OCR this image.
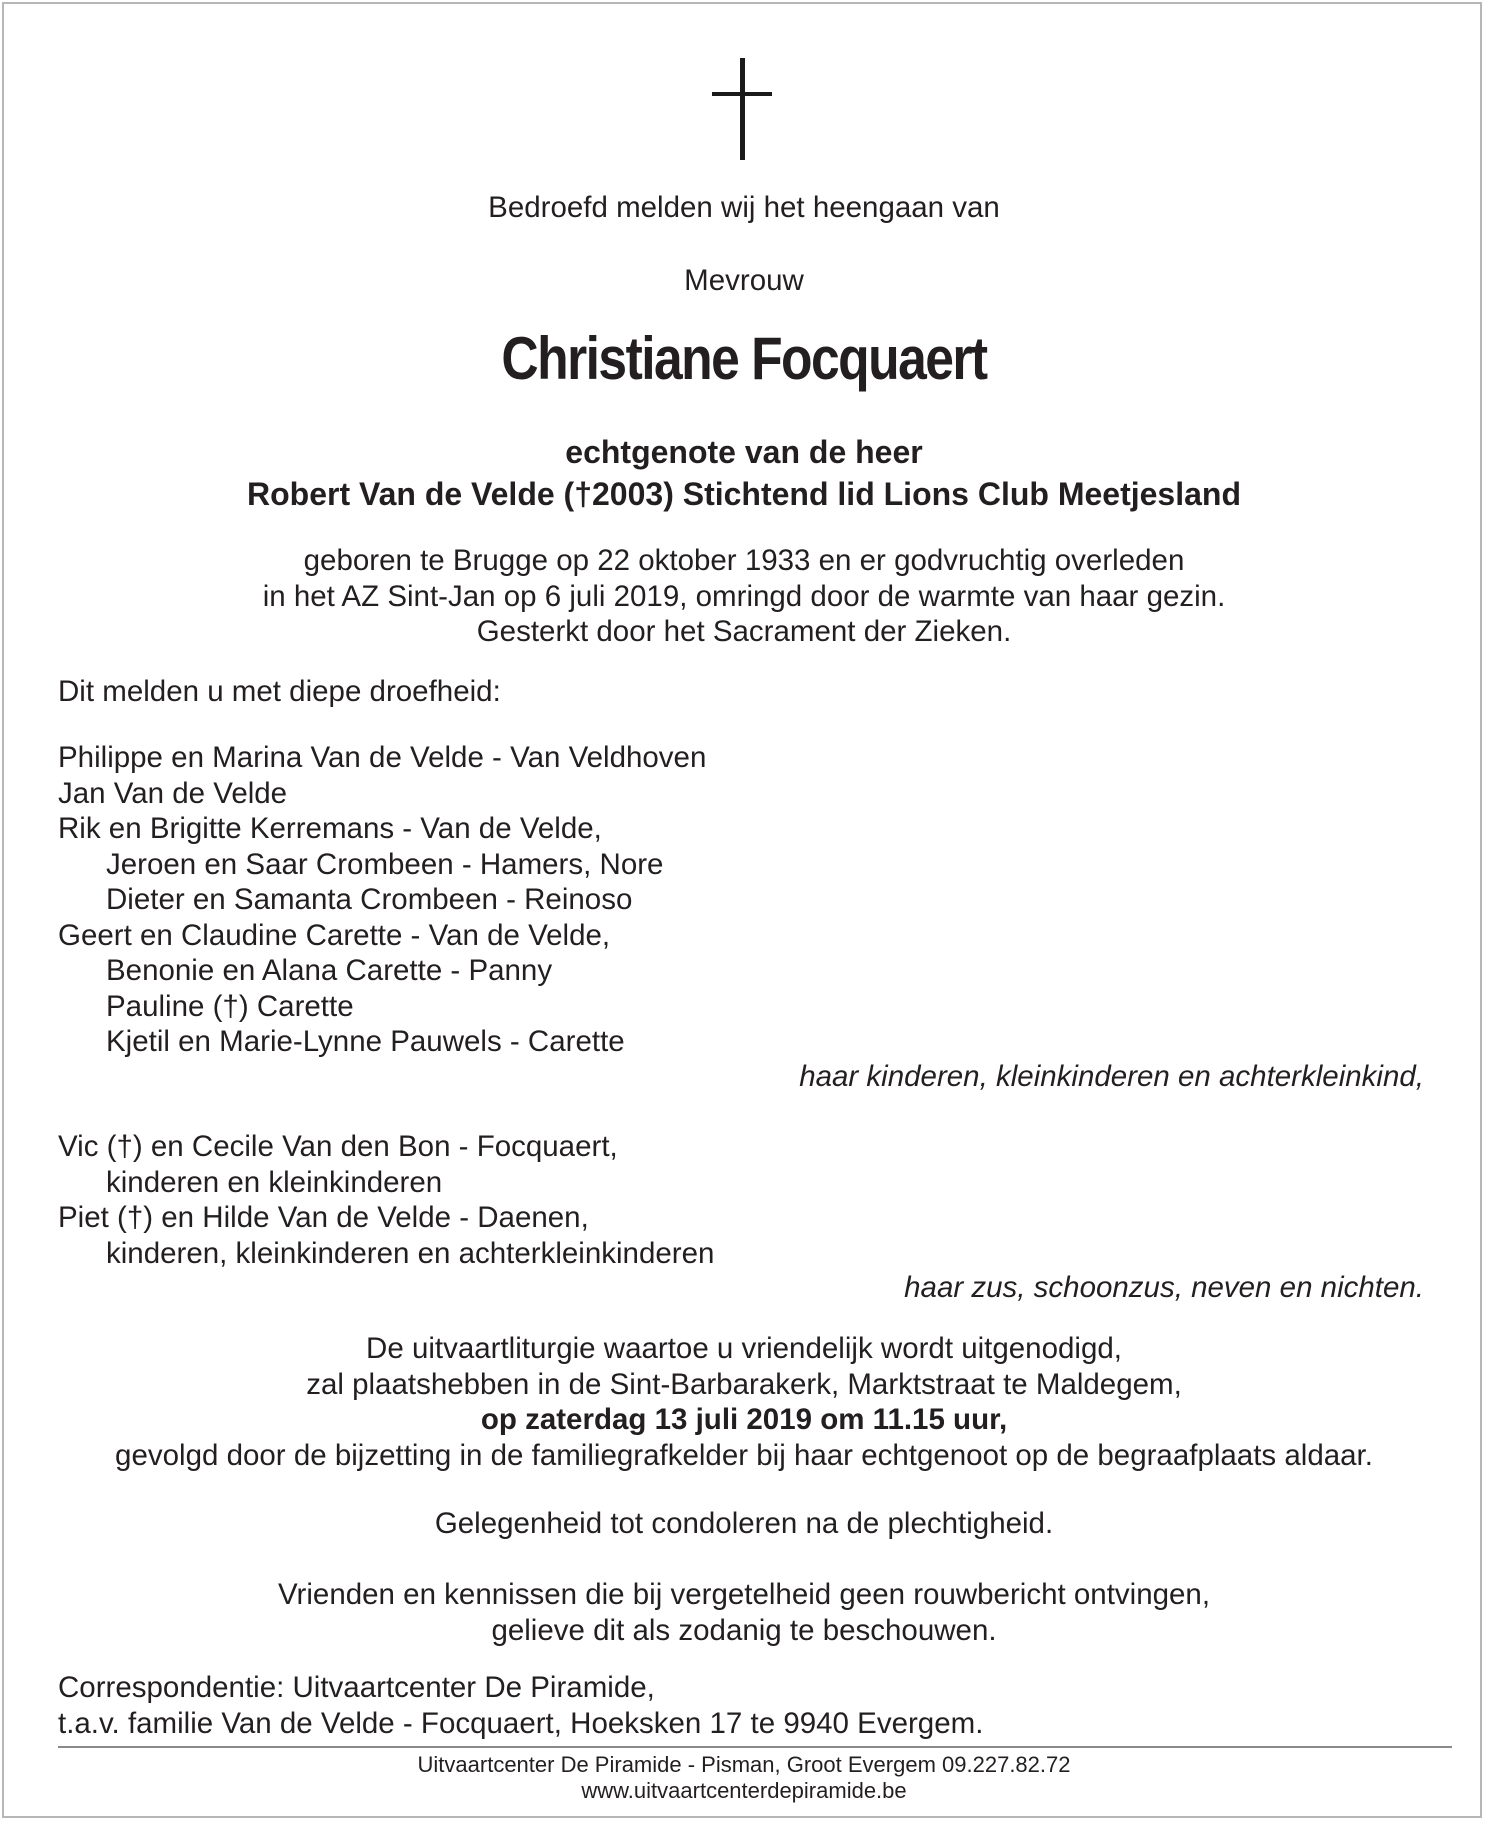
Bedroefd melden wij het heengaan van
Mevrouw
Christiane Focquaert
echtgenote van de heer
Robert Van de Velde (†2003) Stichtend lid Lions Club Meetjesland
geboren te Brugge op 22 oktober 1933 en er godvruchtig overleden
in het AZ Sint-Jan op 6 juli 2019, omringd door de warmte van haar gezin.
Gesterkt door het Sacrament der Zieken.
Dit melden u met diepe droefheid:
Philippe en Marina Van de Velde - Van Veldhoven
Jan Van de Velde
Rik en Brigitte Kerremans - Van de Velde,
Jeroen en Saar Crombeen - Hamers, Nore
Dieter en Samanta Crombeen - Reinoso
Geert en Claudine Carette - Van de Velde,
Benonie en Alana Carette - Panny
Pauline (†) Carette
Kjetil en Marie-Lynne Pauwels - Carette
haar kinderen, kleinkinderen en achterkleinkind,
Vic (†) en Cecile Van den Bon - Focquaert,
kinderen en kleinkinderen
Piet (†) en Hilde Van de Velde - Daenen,
kinderen, kleinkinderen en achterkleinkinderen
haar zus, schoonzus, neven en nichten.
De uitvaartliturgie waartoe u vriendelijk wordt uitgenodigd,
zal plaatshebben in de Sint-Barbarakerk, Marktstraat te Maldegem,
op zaterdag 13 juli 2019 om 11.15 uur,
gevolgd door de bijzetting in de familiegrafkelder bij haar echtgenoot op de begraafplaats aldaar.
Gelegenheid tot condoleren na de plechtigheid.
Vrienden en kennissen die bij vergetelheid geen rouwbericht ontvingen,
gelieve dit als zodanig te beschouwen.
Correspondentie: Uitvaartcenter De Piramide,
t.a.v. familie Van de Velde - Focquaert, Hoeksken 17 te 9940 Evergem.
Uitvaartcenter De Piramide - Pisman, Groot Evergem 09.227.82.72
www.uitvaartcenterdepiramide.be
